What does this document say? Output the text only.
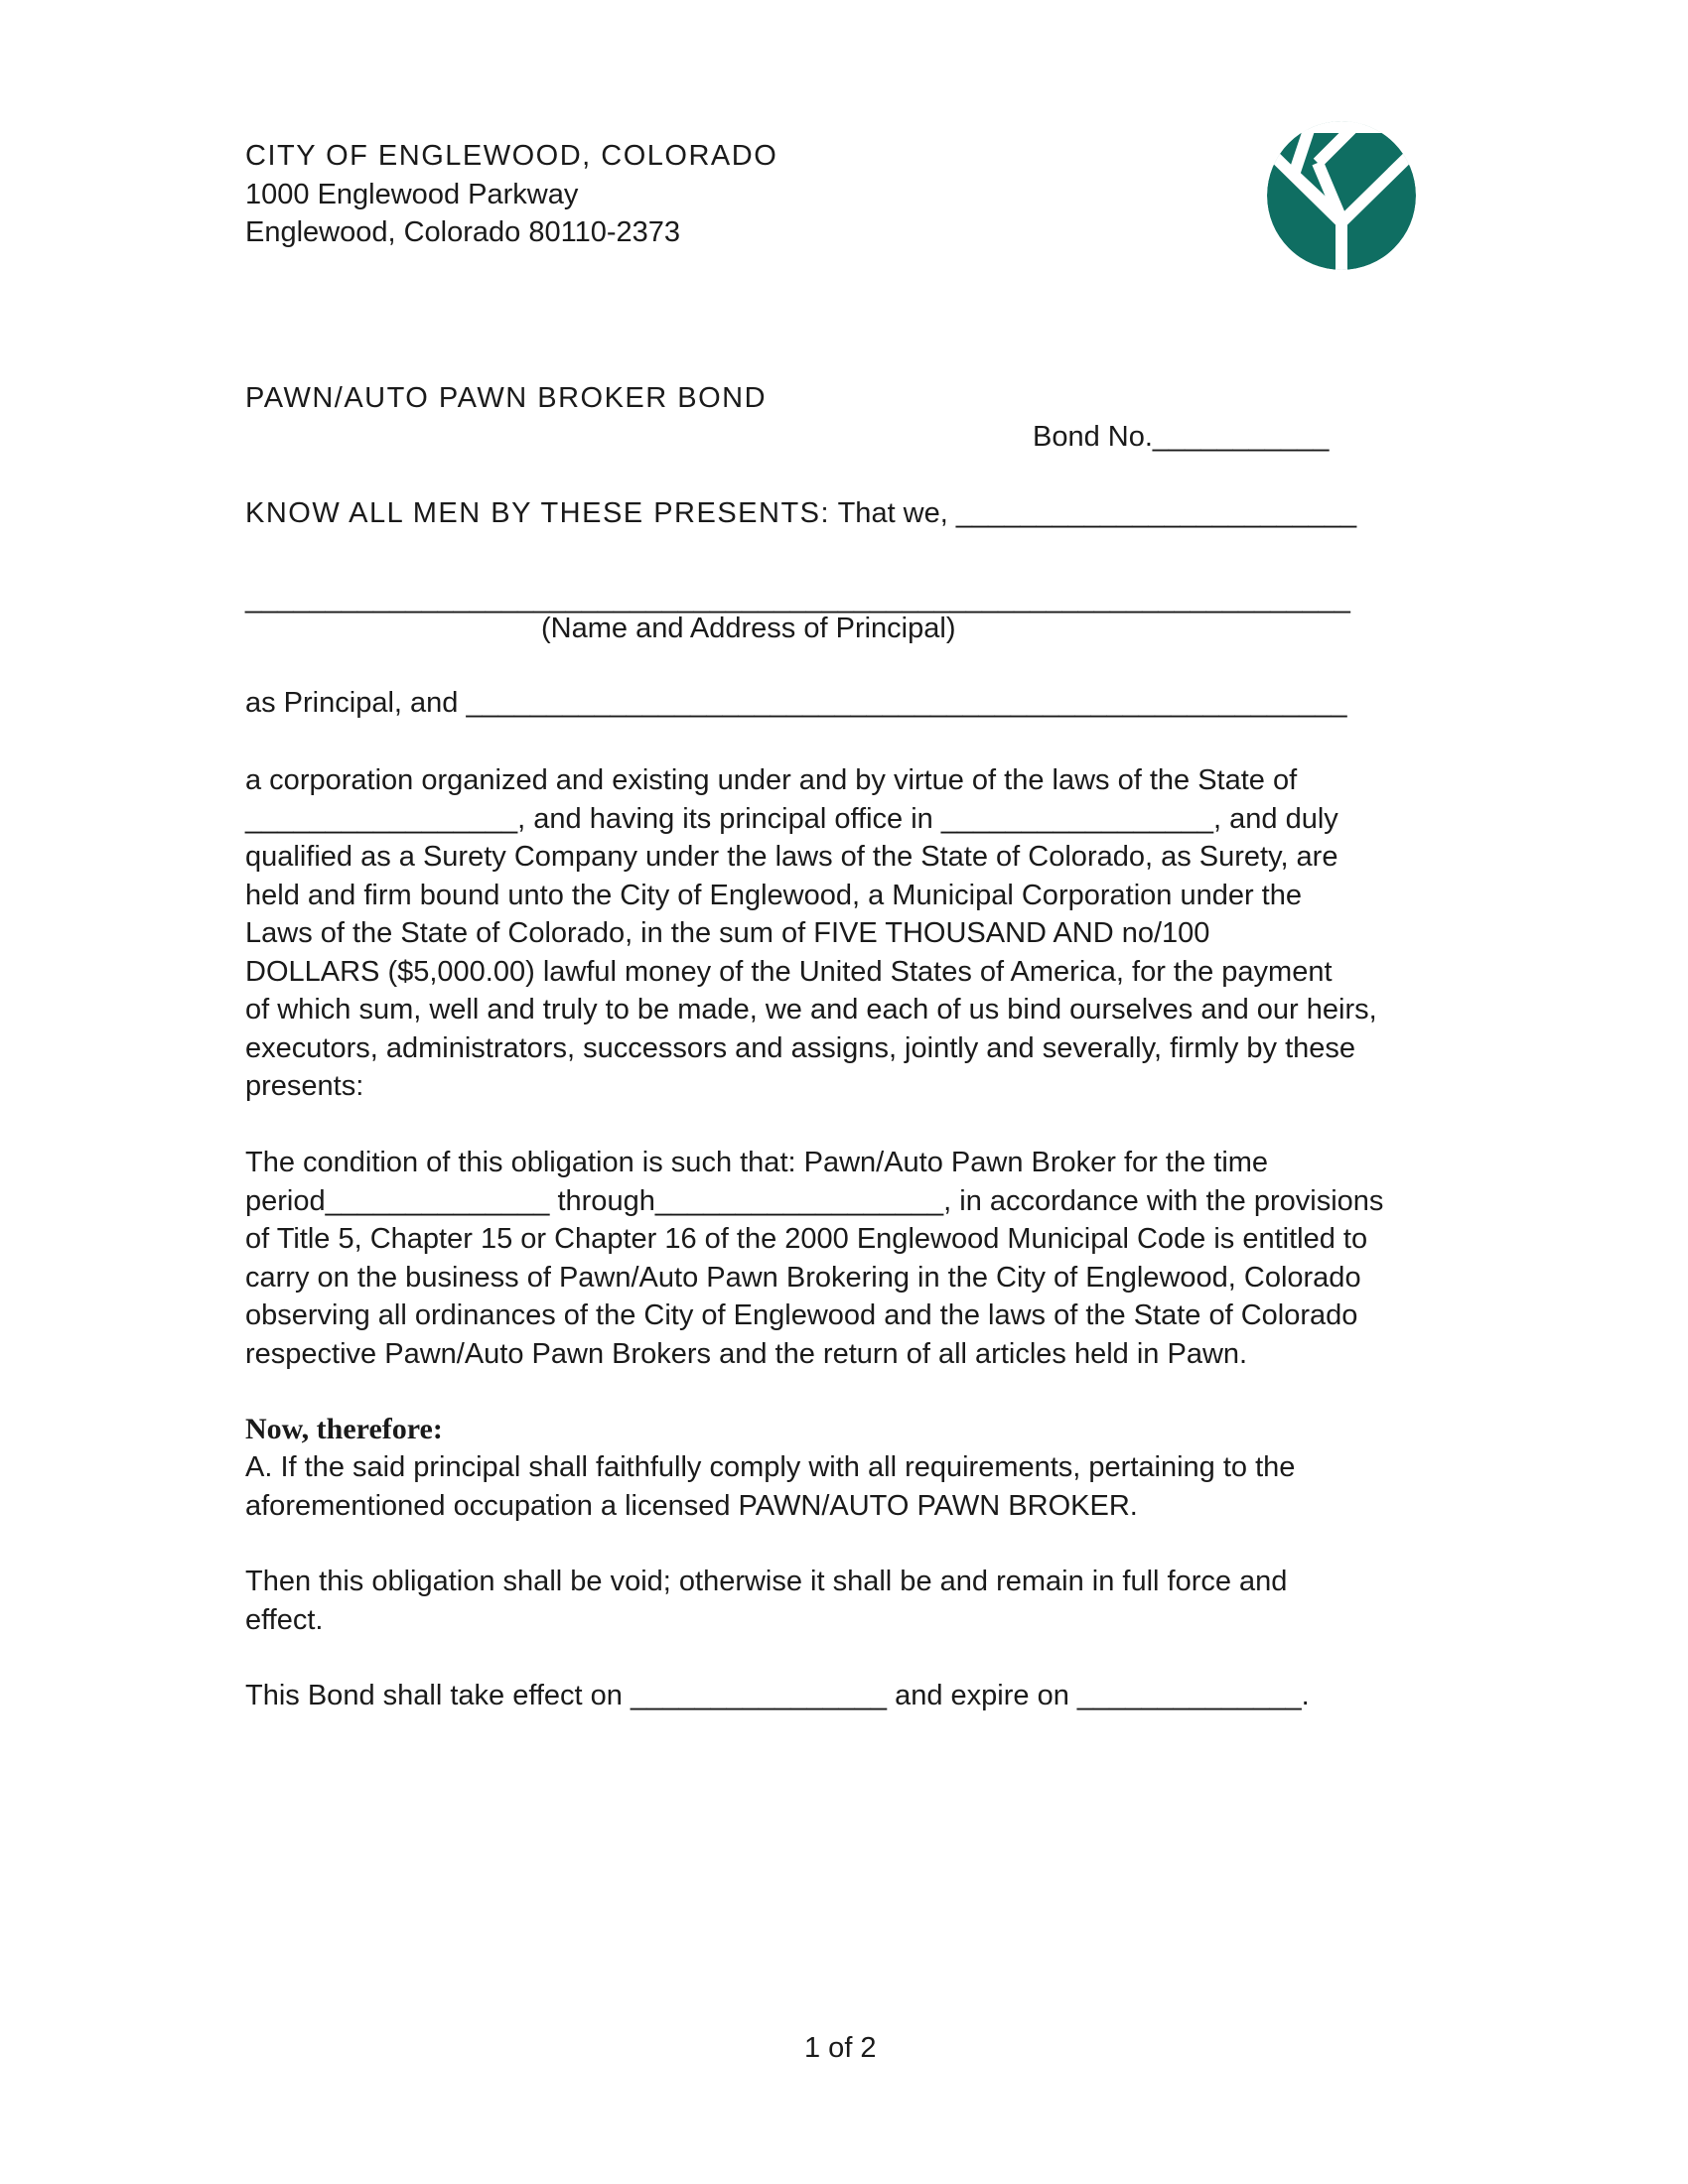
CITY OF ENGLEWOOD, COLORADO
1000 Englewood Parkway
Englewood, Colorado 80110-2373
PAWN/AUTO PAWN BROKER BOND
Bond No.___________
KNOW ALL MEN BY THESE PRESENTS: That we, _________________________
_____________________________________________________________________
(Name and Address of Principal)
as Principal, and _______________________________________________________
a corporation organized and existing under and by virtue of the laws of the State of
_________________, and having its principal office in _________________, and duly
qualified as a Surety Company under the laws of the State of Colorado, as Surety, are
held and firm bound unto the City of Englewood, a Municipal Corporation under the
Laws of the State of Colorado, in the sum of FIVE THOUSAND AND no/100
DOLLARS ($5,000.00) lawful money of the United States of America, for the payment
of which sum, well and truly to be made, we and each of us bind ourselves and our heirs,
executors, administrators, successors and assigns, jointly and severally, firmly by these
presents:
The condition of this obligation is such that: Pawn/Auto Pawn Broker for the time
period______________ through__________________, in accordance with the provisions
of Title 5, Chapter 15 or Chapter 16 of the 2000 Englewood Municipal Code is entitled to
carry on the business of Pawn/Auto Pawn Brokering in the City of Englewood, Colorado
observing all ordinances of the City of Englewood and the laws of the State of Colorado
respective Pawn/Auto Pawn Brokers and the return of all articles held in Pawn.
Now, therefore:
A. If the said principal shall faithfully comply with all requirements, pertaining to the
aforementioned occupation a licensed PAWN/AUTO PAWN BROKER.
Then this obligation shall be void; otherwise it shall be and remain in full force and
effect.
This Bond shall take effect on ________________ and expire on ______________.
1 of 2
